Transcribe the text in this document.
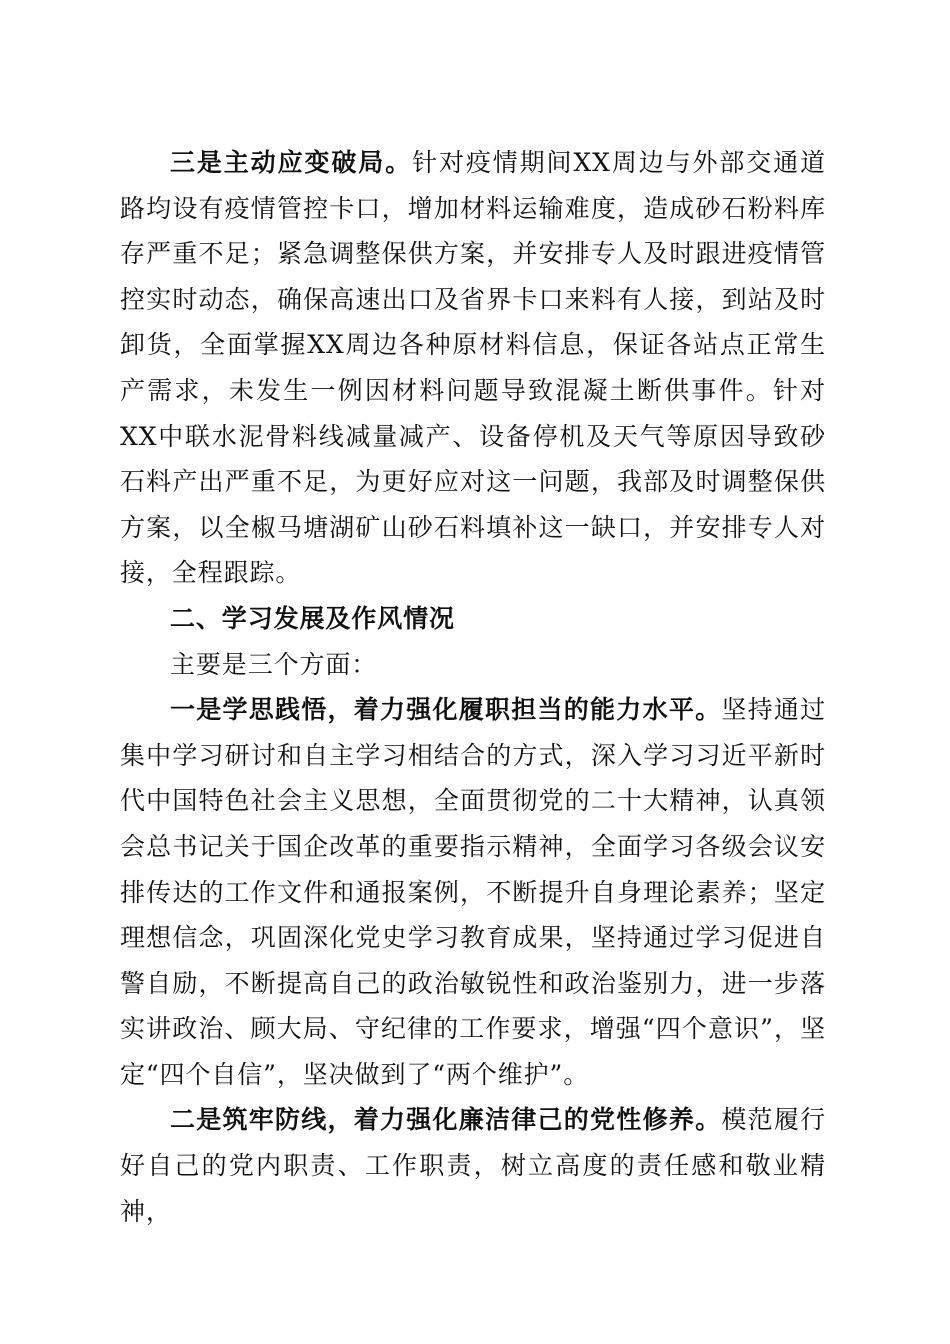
三是主动应变破局。针对疫情期间XX周边与外部交通道路均设有疫情管控卡口，增加材料运输难度，造成砂石粉料库存严重不足；紧急调整保供方案，并安排专人及时跟进疫情管控实时动态，确保高速出口及省界卡口来料有人接，到站及时卸货，全面掌握XX周边各种原材料信息，保证各站点正常生产需求，未发生一例因材料问题导致混凝土断供事件。针对XX中联水泥骨料线减量减产、设备停机及天气等原因导致砂石料产出严重不足，为更好应对这一问题，我部及时调整保供方案，以全椒马塘湖矿山砂石料填补这一缺口，并安排专人对接，全程跟踪。

二、学习发展及作风情况

主要是三个方面：

一是学思践悟，着力强化履职担当的能力水平。坚持通过集中学习研讨和自主学习相结合的方式，深入学习习近平新时代中国特色社会主义思想，全面贯彻党的二十大精神，认真领会总书记关于国企改革的重要指示精神，全面学习各级会议安排传达的工作文件和通报案例，不断提升自身理论素养；坚定理想信念，巩固深化党史学习教育成果，坚持通过学习促进自警自励，不断提高自己的政治敏锐性和政治鉴别力，进一步落实讲政治、顾大局、守纪律的工作要求，增强“四个意识”，坚定“四个自信”，坚决做到了“两个维护”。

二是筑牢防线，着力强化廉洁律己的党性修养。模范履行好自己的党内职责、工作职责，树立高度的责任感和敬业精神，
